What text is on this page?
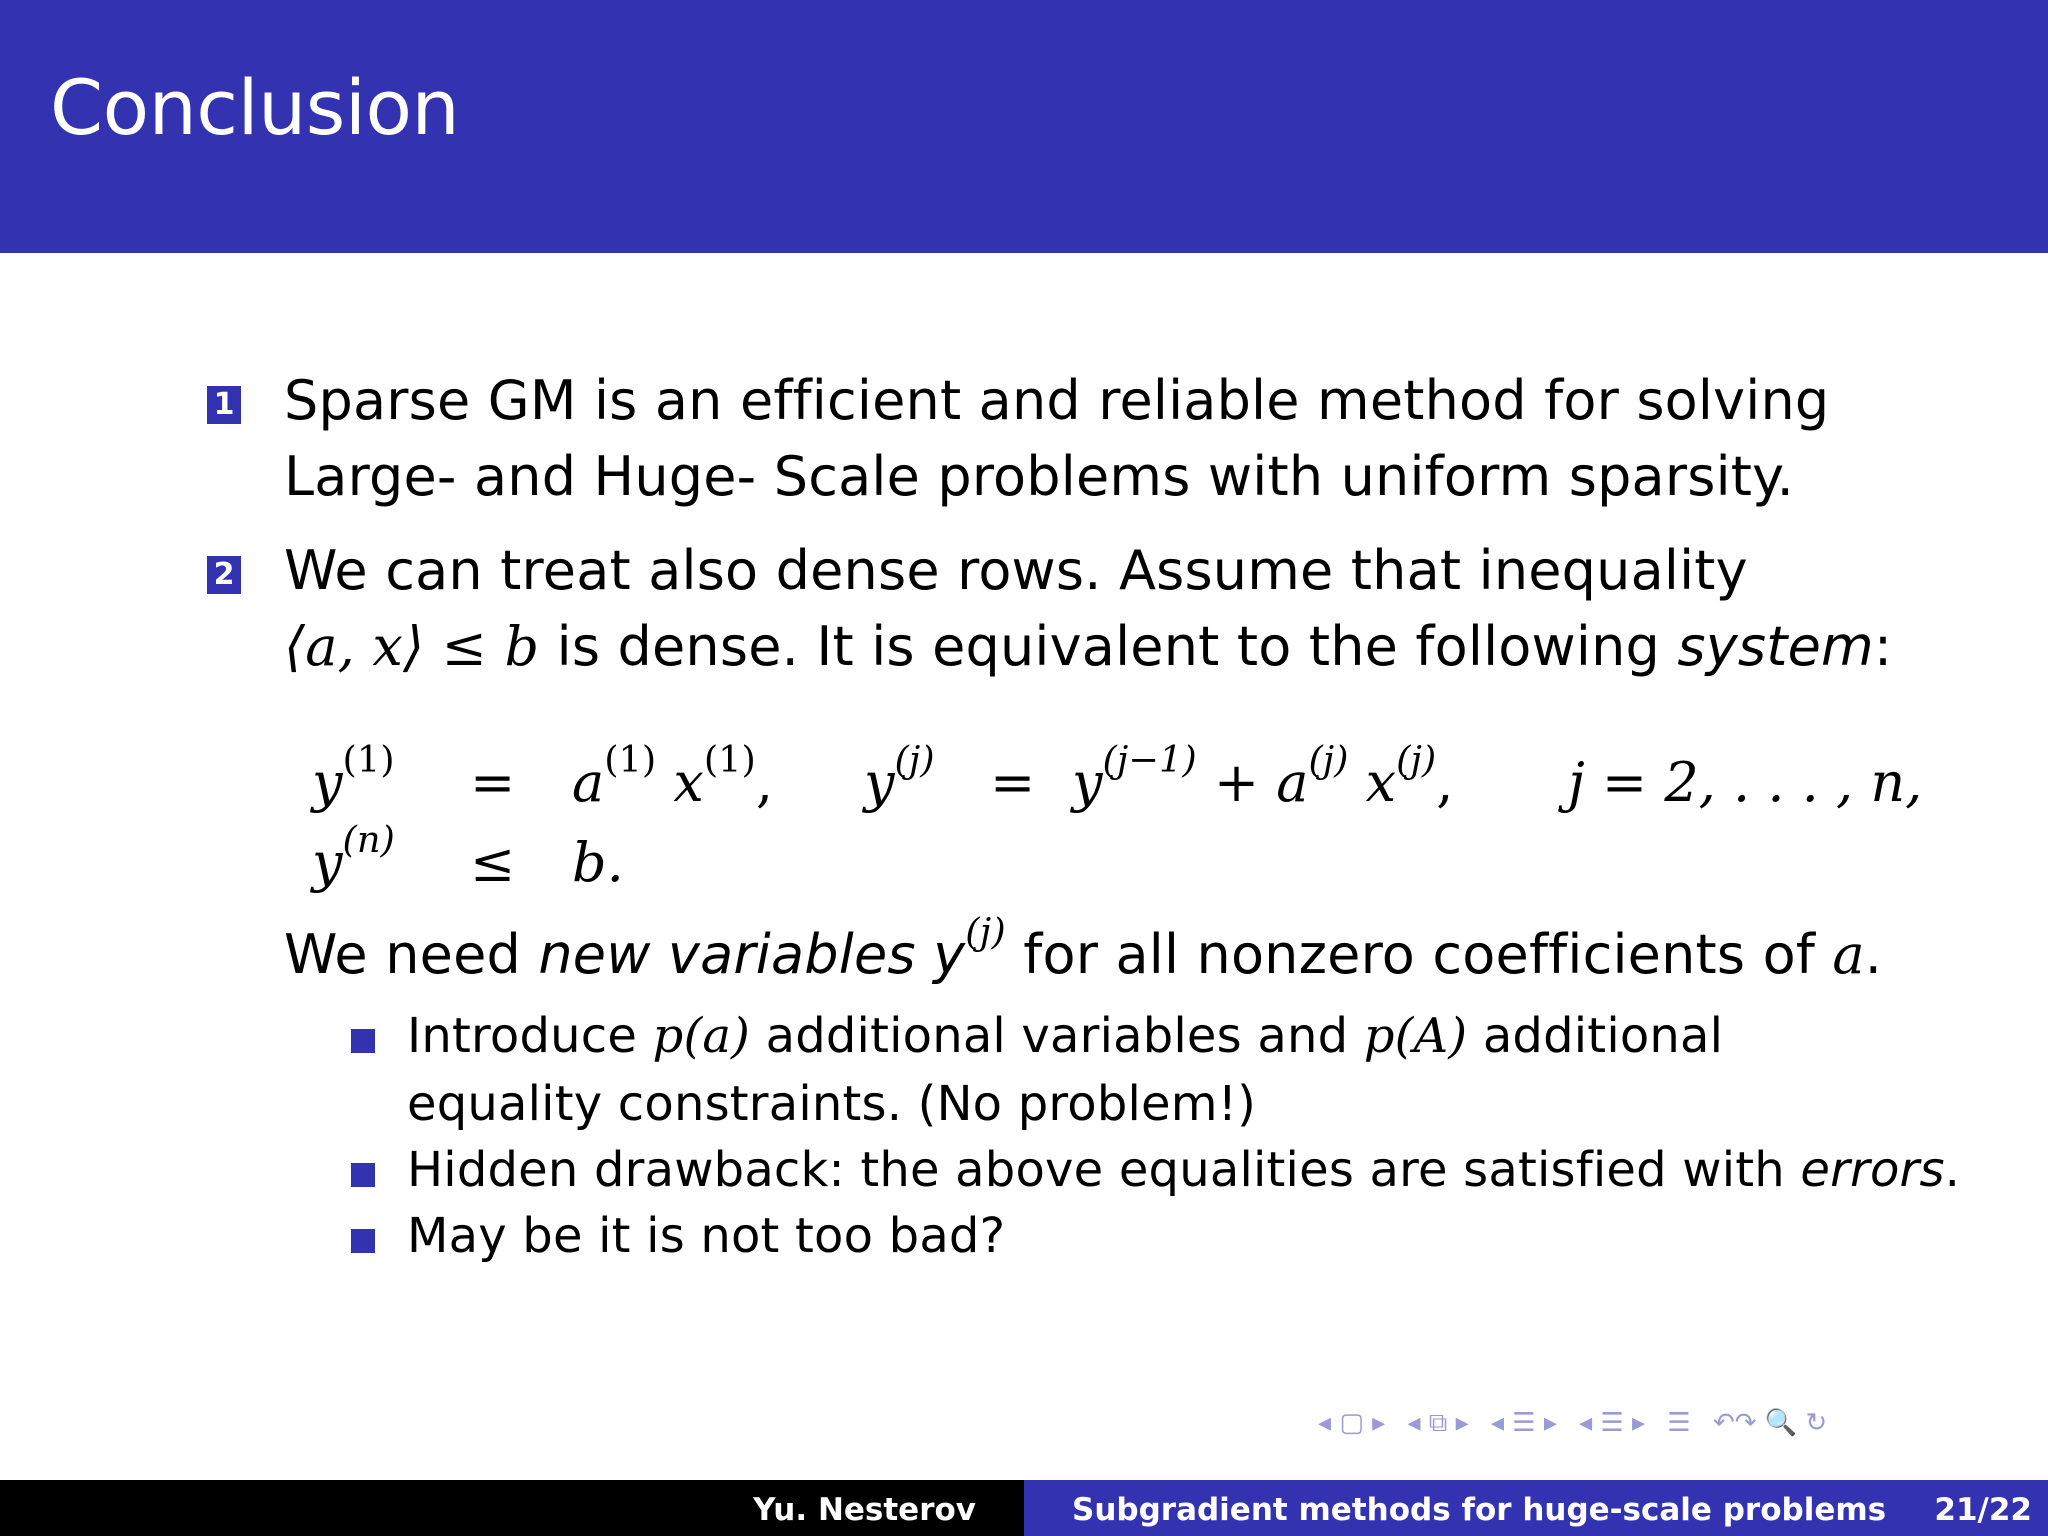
Conclusion
1 Sparse GM is an efficient and reliable method for solving
Large- and Huge- Scale problems with uniform sparsity.
2 We can treat also dense rows. Assume that inequality
⟨a, x⟩ ≤ b is dense. It is equivalent to the following system:
$y^{(1)} = a^{(1)}$ $x^{(1)}$, $y^{(j)} = y^{(j-1)} + a^{(j)}$ $x^{(j)}$, j = 2, . . . , n,
$y^{(n)} \le b$.
We need new variables $y^{(j)}$ for all nonzero coefficients of a.
Introduce p(a) additional variables and p(A) additional
equality constraints. (No problem!)
Hidden drawback: the above equalities are satisfied with errors.
May be it is not too bad?
◂ ▢ ▸ ◂ ⧉ ▸ ◂ ☰ ▸ ◂ ☰ ▸ ☰ ↶↷ 🔍 ↻
Yu. Nesterov	Subgradient methods for huge-scale problems 21/22
